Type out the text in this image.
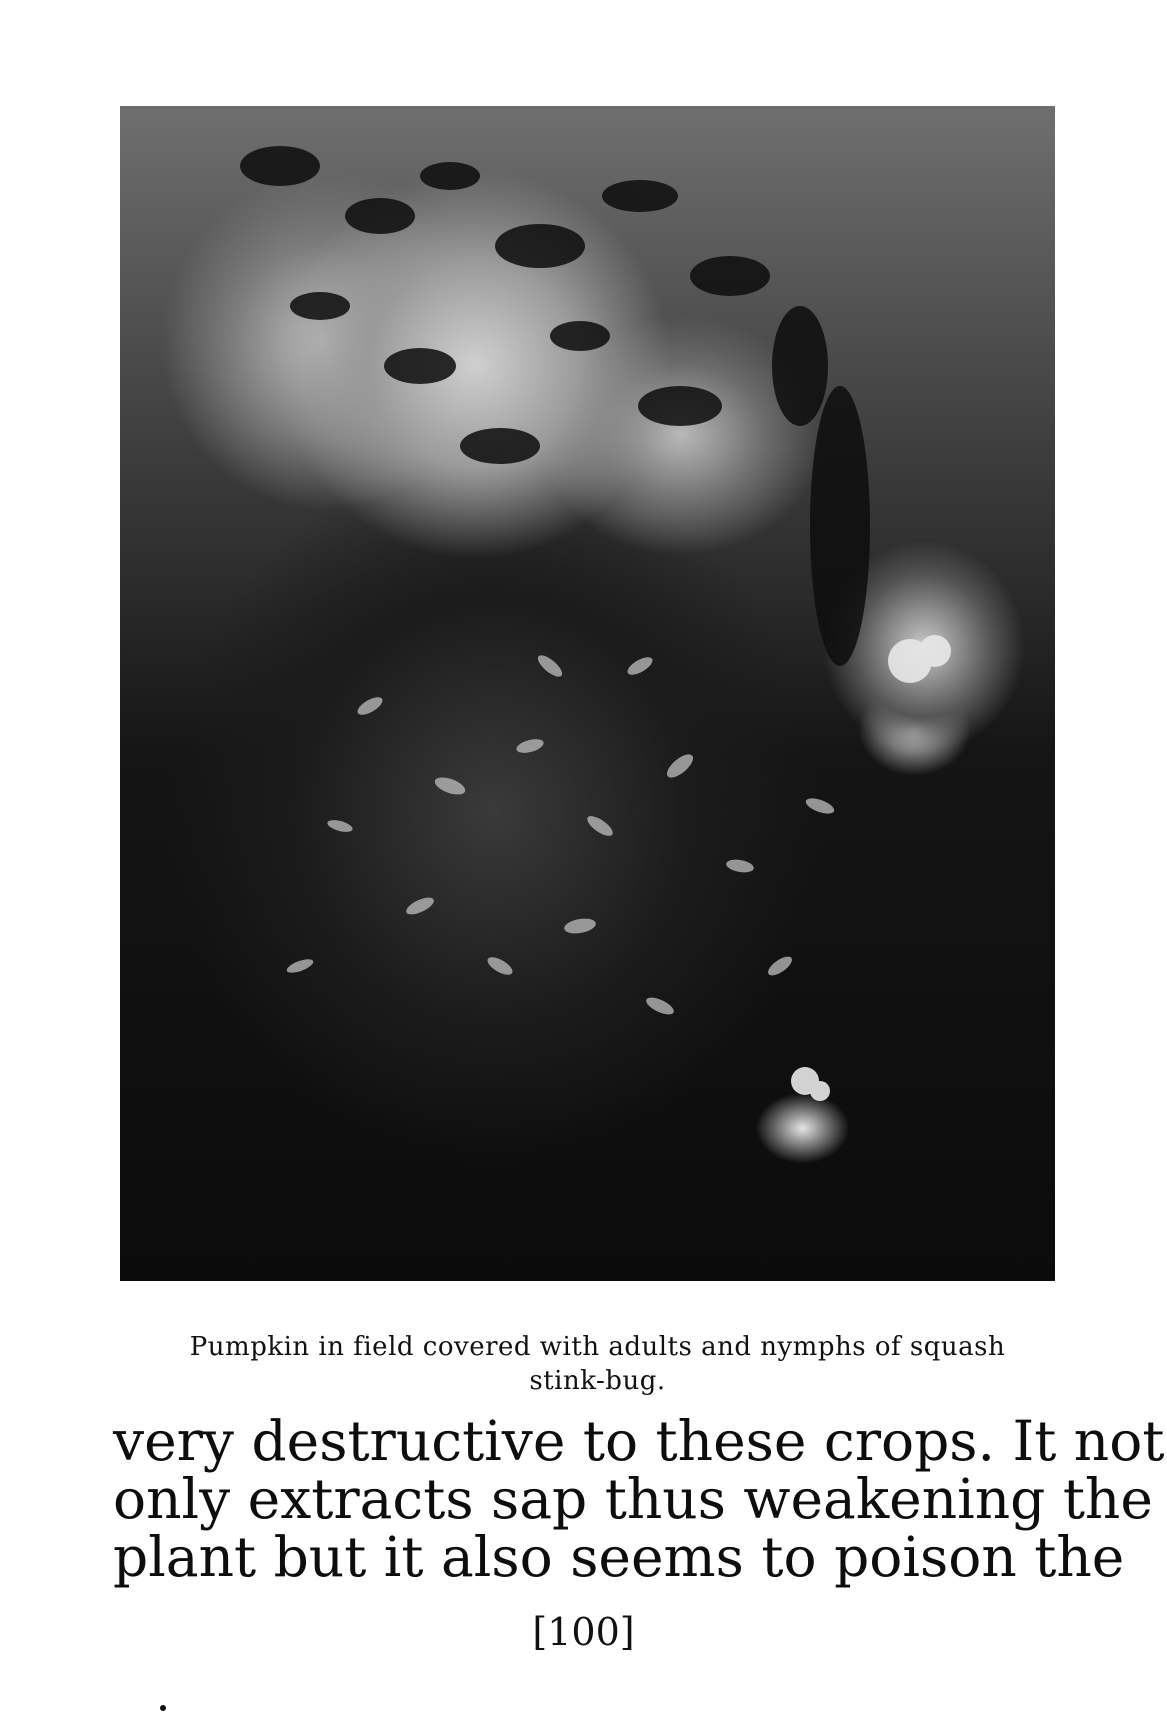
Pumpkin in field covered with adults and nymphs of squash
stink-bug.
very destructive to these crops. It not
only extracts sap thus weakening the
plant but it also seems to poison the
[100]
